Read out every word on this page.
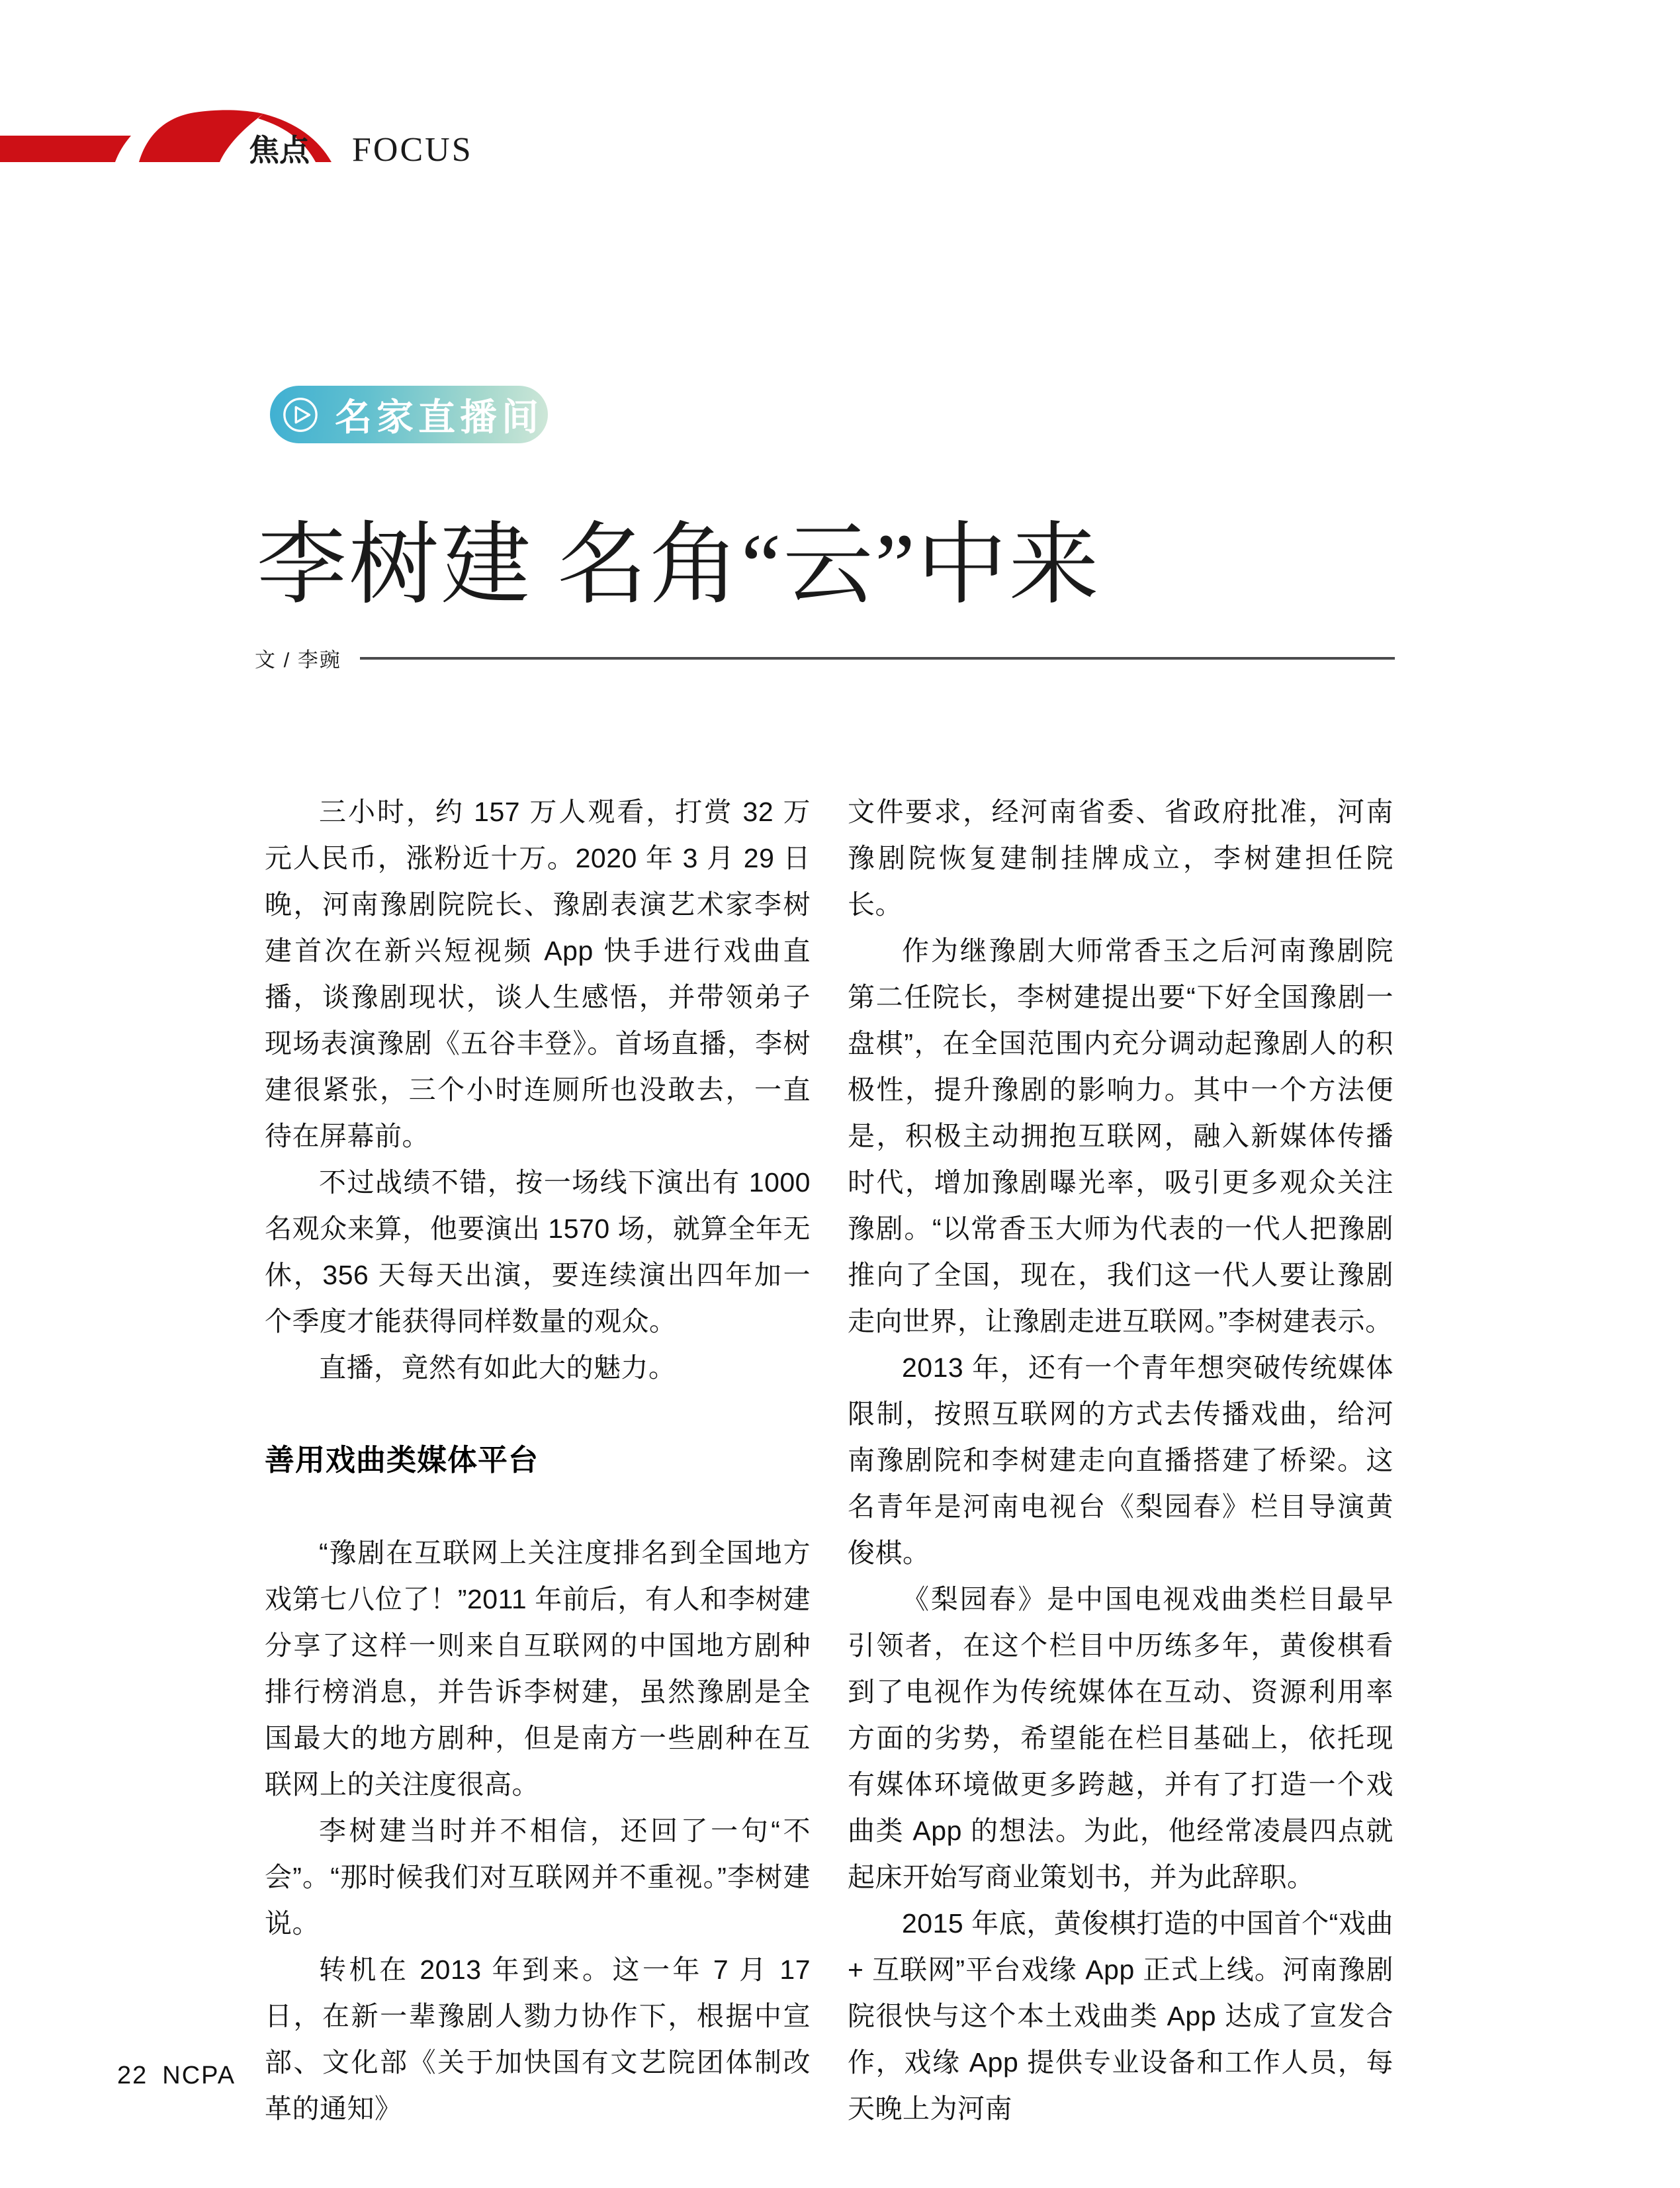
焦点 FOCUS
名家直播间
李树建 名角“云”中来
文 / 李豌

三小时，约 157 万人观看，打赏 32 万元人民币，涨粉近十万。2020 年 3 月 29 日晚，河南豫剧院院长、豫剧表演艺术家李树建首次在新兴短视频 App 快手进行戏曲直播，谈豫剧现状，谈人生感悟，并带领弟子现场表演豫剧《五谷丰登》。首场直播，李树建很紧张，三个小时连厕所也没敢去，一直待在屏幕前。

不过战绩不错，按一场线下演出有 1000 名观众来算，他要演出 1570 场，就算全年无休，356 天每天出演，要连续演出四年加一个季度才能获得同样数量的观众。

直播，竟然有如此大的魅力。

善用戏曲类媒体平台

“豫剧在互联网上关注度排名到全国地方戏第七八位了！”2011 年前后，有人和李树建分享了这样一则来自互联网的中国地方剧种排行榜消息，并告诉李树建，虽然豫剧是全国最大的地方剧种，但是南方一些剧种在互联网上的关注度很高。

李树建当时并不相信，还回了一句“不会”。“那时候我们对互联网并不重视。”李树建说。

转机在 2013 年到来。这一年 7 月 17 日，在新一辈豫剧人勠力协作下，根据中宣部、文化部《关于加快国有文艺院团体制改革的通知》

文件要求，经河南省委、省政府批准，河南豫剧院恢复建制挂牌成立，李树建担任院长。

作为继豫剧大师常香玉之后河南豫剧院第二任院长，李树建提出要“下好全国豫剧一盘棋”，在全国范围内充分调动起豫剧人的积极性，提升豫剧的影响力。其中一个方法便是，积极主动拥抱互联网，融入新媒体传播时代，增加豫剧曝光率，吸引更多观众关注豫剧。“以常香玉大师为代表的一代人把豫剧推向了全国，现在，我们这一代人要让豫剧走向世界，让豫剧走进互联网。”李树建表示。

2013 年，还有一个青年想突破传统媒体限制，按照互联网的方式去传播戏曲，给河南豫剧院和李树建走向直播搭建了桥梁。这名青年是河南电视台《梨园春》栏目导演黄俊棋。

《梨园春》是中国电视戏曲类栏目最早引领者，在这个栏目中历练多年，黄俊棋看到了电视作为传统媒体在互动、资源利用率方面的劣势，希望能在栏目基础上，依托现有媒体环境做更多跨越，并有了打造一个戏曲类 App 的想法。为此，他经常凌晨四点就起床开始写商业策划书，并为此辞职。

2015 年底，黄俊棋打造的中国首个“戏曲 + 互联网”平台戏缘 App 正式上线。河南豫剧院很快与这个本土戏曲类 App 达成了宣发合作，戏缘 App 提供专业设备和工作人员，每天晚上为河南

22 NCPA
